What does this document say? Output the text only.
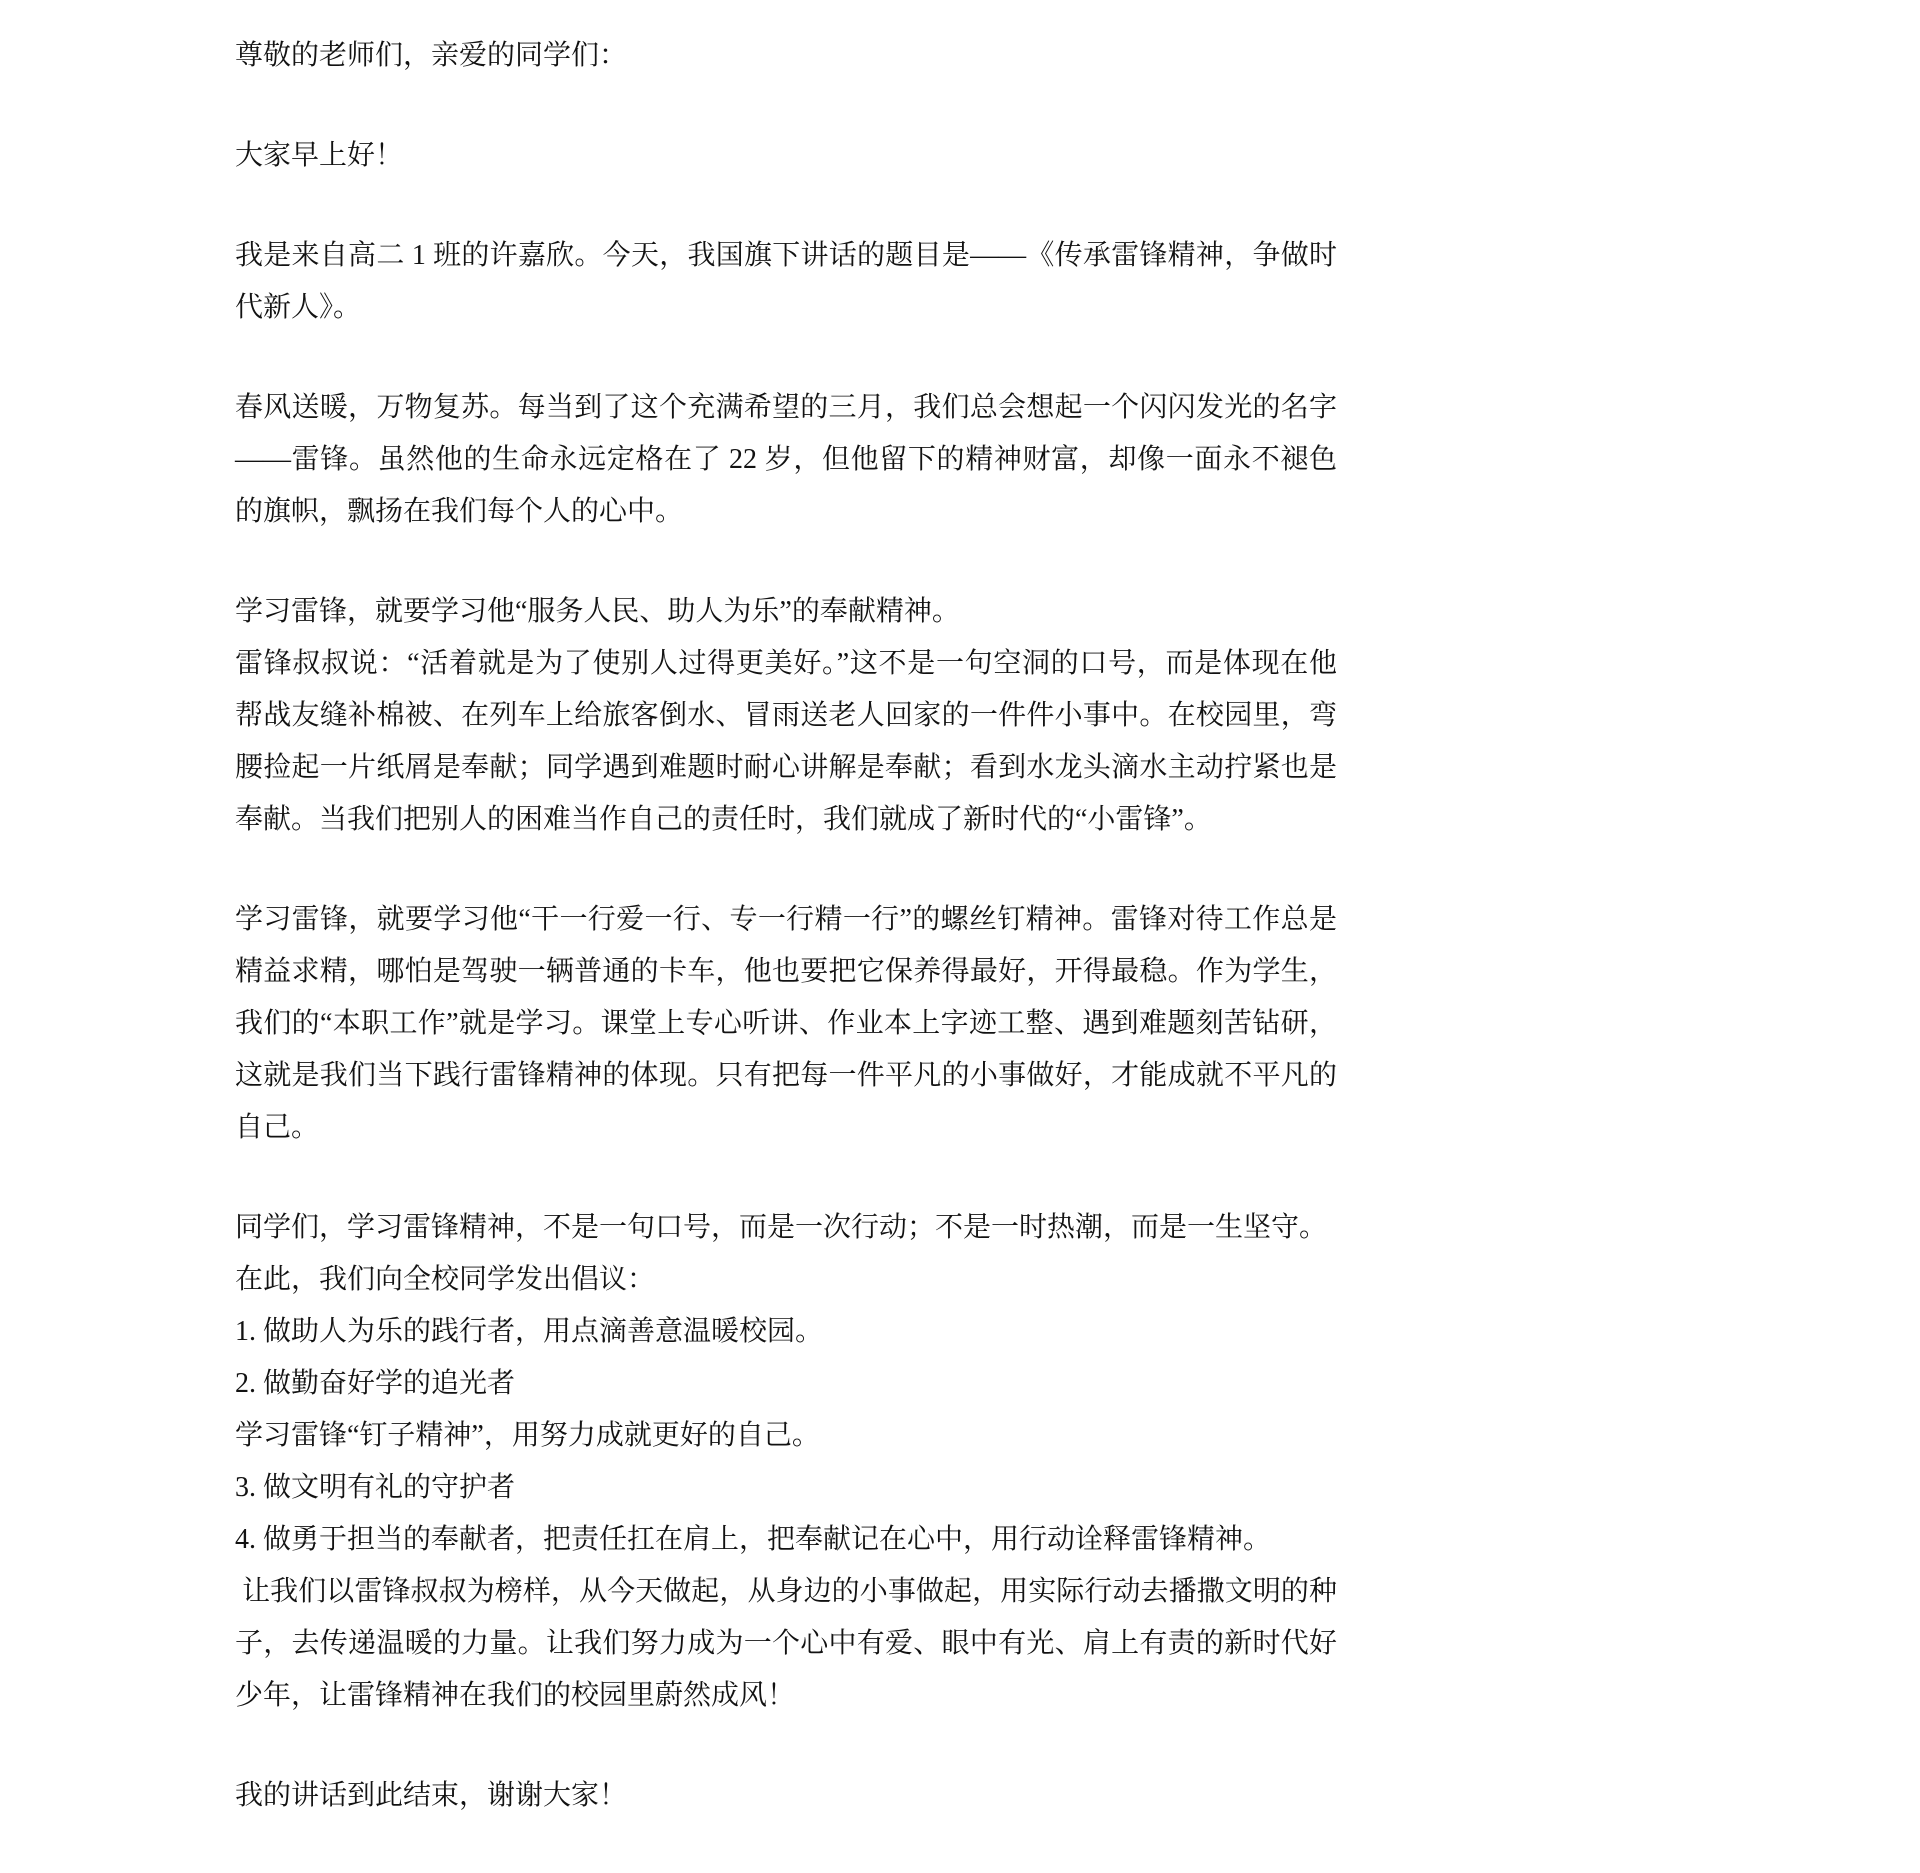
尊敬的老师们，亲爱的同学们：

大家早上好！

我是来自高二 1 班的许嘉欣。今天，我国旗下讲话的题目是——《传承雷锋精神，争做时代新人》。

春风送暖，万物复苏。每当到了这个充满希望的三月，我们总会想起一个闪闪发光的名字——雷锋。虽然他的生命永远定格在了 22 岁，但他留下的精神财富，却像一面永不褪色的旗帜，飘扬在我们每个人的心中。

学习雷锋，就要学习他“服务人民、助人为乐”的奉献精神。

雷锋叔叔说：“活着就是为了使别人过得更美好。”这不是一句空洞的口号，而是体现在他帮战友缝补棉被、在列车上给旅客倒水、冒雨送老人回家的一件件小事中。在校园里，弯腰捡起一片纸屑是奉献；同学遇到难题时耐心讲解是奉献；看到水龙头滴水主动拧紧也是奉献。当我们把别人的困难当作自己的责任时，我们就成了新时代的“小雷锋”。

学习雷锋，就要学习他“干一行爱一行、专一行精一行”的螺丝钉精神。雷锋对待工作总是精益求精，哪怕是驾驶一辆普通的卡车，他也要把它保养得最好，开得最稳。作为学生，我们的“本职工作”就是学习。课堂上专心听讲、作业本上字迹工整、遇到难题刻苦钻研，这就是我们当下践行雷锋精神的体现。只有把每一件平凡的小事做好，才能成就不平凡的自己。

同学们，学习雷锋精神，不是一句口号，而是一次行动；不是一时热潮，而是一生坚守。

在此，我们向全校同学发出倡议：

1. 做助人为乐的践行者，用点滴善意温暖校园。

2. 做勤奋好学的追光者

学习雷锋“钉子精神”，用努力成就更好的自己。

3. 做文明有礼的守护者

4. 做勇于担当的奉献者，把责任扛在肩上，把奉献记在心中，用行动诠释雷锋精神。

让我们以雷锋叔叔为榜样，从今天做起，从身边的小事做起，用实际行动去播撒文明的种子，去传递温暖的力量。让我们努力成为一个心中有爱、眼中有光、肩上有责的新时代好少年，让雷锋精神在我们的校园里蔚然成风！

我的讲话到此结束，谢谢大家！
